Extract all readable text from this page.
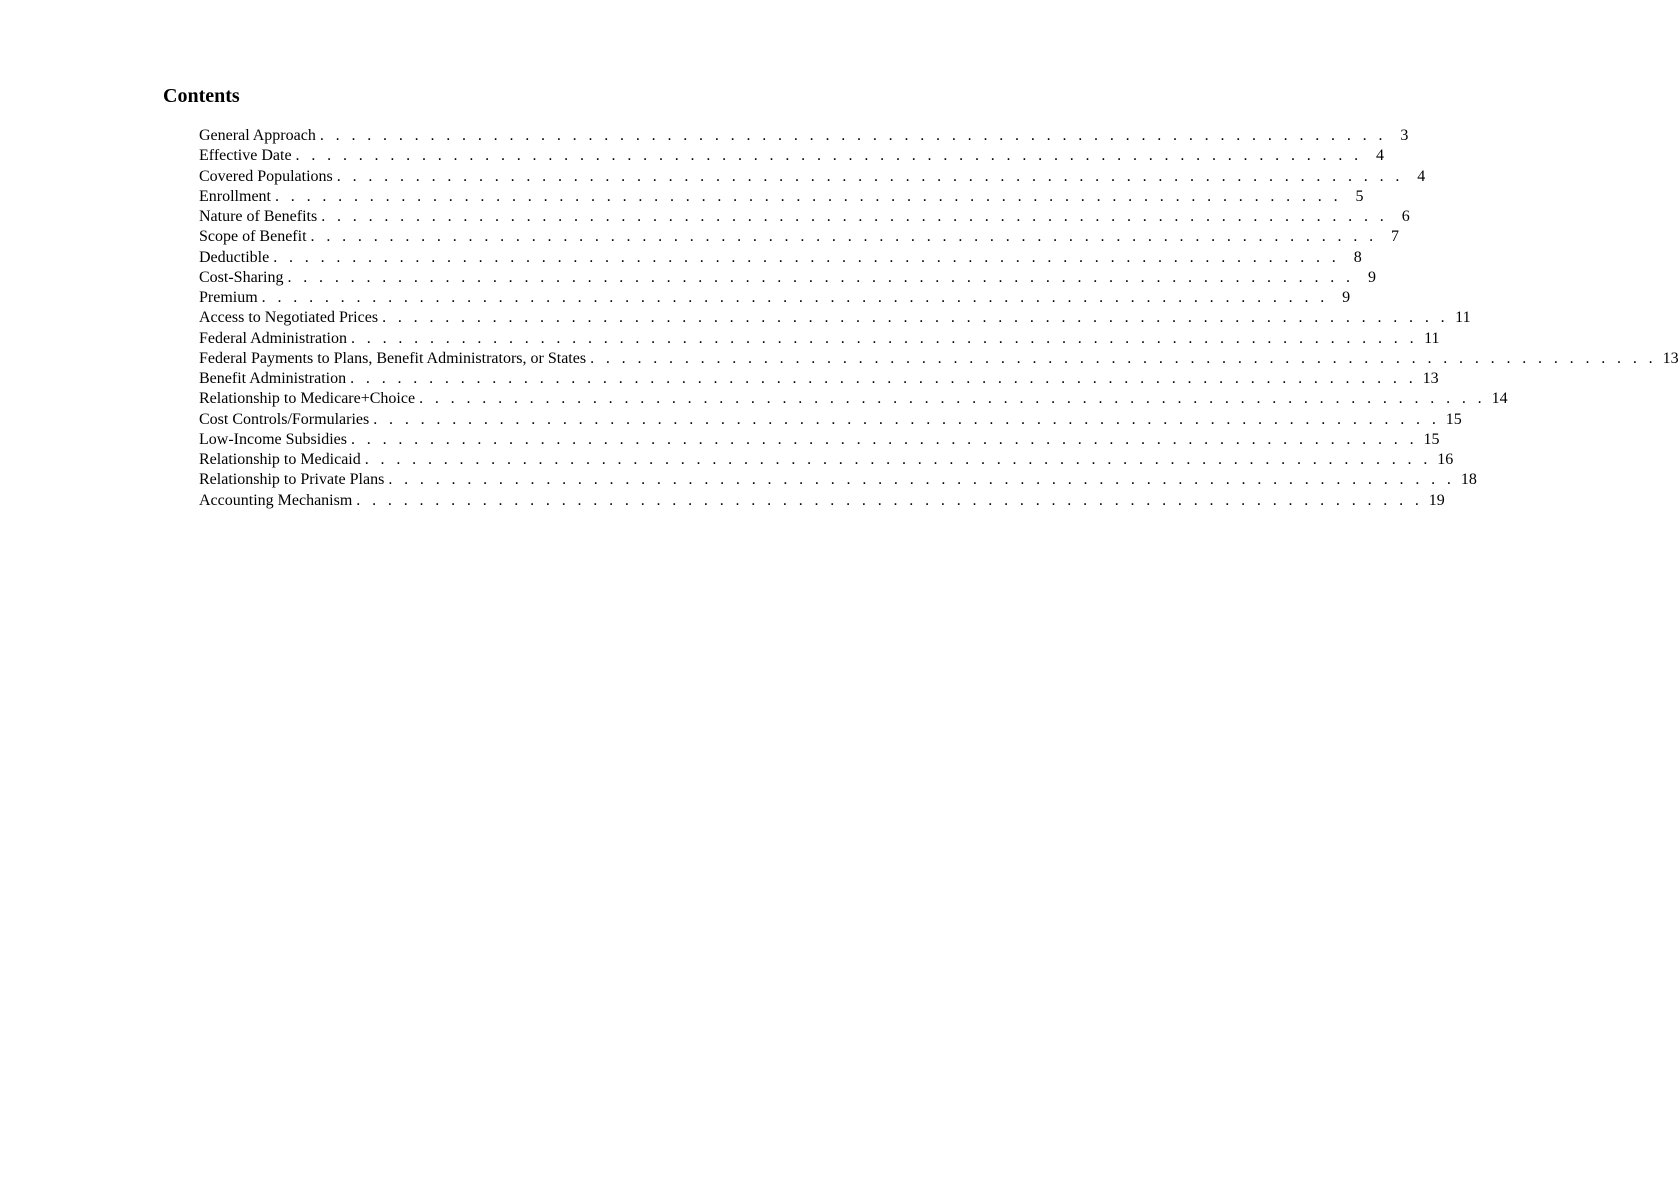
Contents
General Approach . . . . . . . . . . . . . . . . . . . . . . . . . . . . . . . . . . . . . . . . . . . . . . . . . . . . . . . . . . . . . . . . . . . . 3
Effective Date . . . . . . . . . . . . . . . . . . . . . . . . . . . . . . . . . . . . . . . . . . . . . . . . . . . . . . . . . . . . . . . . . . . . 4
Covered Populations . . . . . . . . . . . . . . . . . . . . . . . . . . . . . . . . . . . . . . . . . . . . . . . . . . . . . . . . . . . . . . . . . . . . 4
Enrollment . . . . . . . . . . . . . . . . . . . . . . . . . . . . . . . . . . . . . . . . . . . . . . . . . . . . . . . . . . . . . . . . . . . . 5
Nature of Benefits . . . . . . . . . . . . . . . . . . . . . . . . . . . . . . . . . . . . . . . . . . . . . . . . . . . . . . . . . . . . . . . . . . . . 6
Scope of Benefit . . . . . . . . . . . . . . . . . . . . . . . . . . . . . . . . . . . . . . . . . . . . . . . . . . . . . . . . . . . . . . . . . . . . 7
Deductible . . . . . . . . . . . . . . . . . . . . . . . . . . . . . . . . . . . . . . . . . . . . . . . . . . . . . . . . . . . . . . . . . . . . 8
Cost-Sharing . . . . . . . . . . . . . . . . . . . . . . . . . . . . . . . . . . . . . . . . . . . . . . . . . . . . . . . . . . . . . . . . . . . . 9
Premium . . . . . . . . . . . . . . . . . . . . . . . . . . . . . . . . . . . . . . . . . . . . . . . . . . . . . . . . . . . . . . . . . . . . 9
Access to Negotiated Prices . . . . . . . . . . . . . . . . . . . . . . . . . . . . . . . . . . . . . . . . . . . . . . . . . . . . . . . . . . . . . . . . . . . . 11
Federal Administration . . . . . . . . . . . . . . . . . . . . . . . . . . . . . . . . . . . . . . . . . . . . . . . . . . . . . . . . . . . . . . . . . . . . 11
Federal Payments to Plans, Benefit Administrators, or States . . . . . . . . . . . . . . . . . . . . . . . . . . . . . . . . . . . . . . . . . . . . . . . . . . . . . . . . . . . . . . . . . . . . 13
Benefit Administration . . . . . . . . . . . . . . . . . . . . . . . . . . . . . . . . . . . . . . . . . . . . . . . . . . . . . . . . . . . . . . . . . . . . 13
Relationship to Medicare+Choice . . . . . . . . . . . . . . . . . . . . . . . . . . . . . . . . . . . . . . . . . . . . . . . . . . . . . . . . . . . . . . . . . . . . 14
Cost Controls/Formularies . . . . . . . . . . . . . . . . . . . . . . . . . . . . . . . . . . . . . . . . . . . . . . . . . . . . . . . . . . . . . . . . . . . . 15
Low-Income Subsidies . . . . . . . . . . . . . . . . . . . . . . . . . . . . . . . . . . . . . . . . . . . . . . . . . . . . . . . . . . . . . . . . . . . . 15
Relationship to Medicaid . . . . . . . . . . . . . . . . . . . . . . . . . . . . . . . . . . . . . . . . . . . . . . . . . . . . . . . . . . . . . . . . . . . . 16
Relationship to Private Plans . . . . . . . . . . . . . . . . . . . . . . . . . . . . . . . . . . . . . . . . . . . . . . . . . . . . . . . . . . . . . . . . . . . . 18
Accounting Mechanism . . . . . . . . . . . . . . . . . . . . . . . . . . . . . . . . . . . . . . . . . . . . . . . . . . . . . . . . . . . . . . . . . . . . 19
